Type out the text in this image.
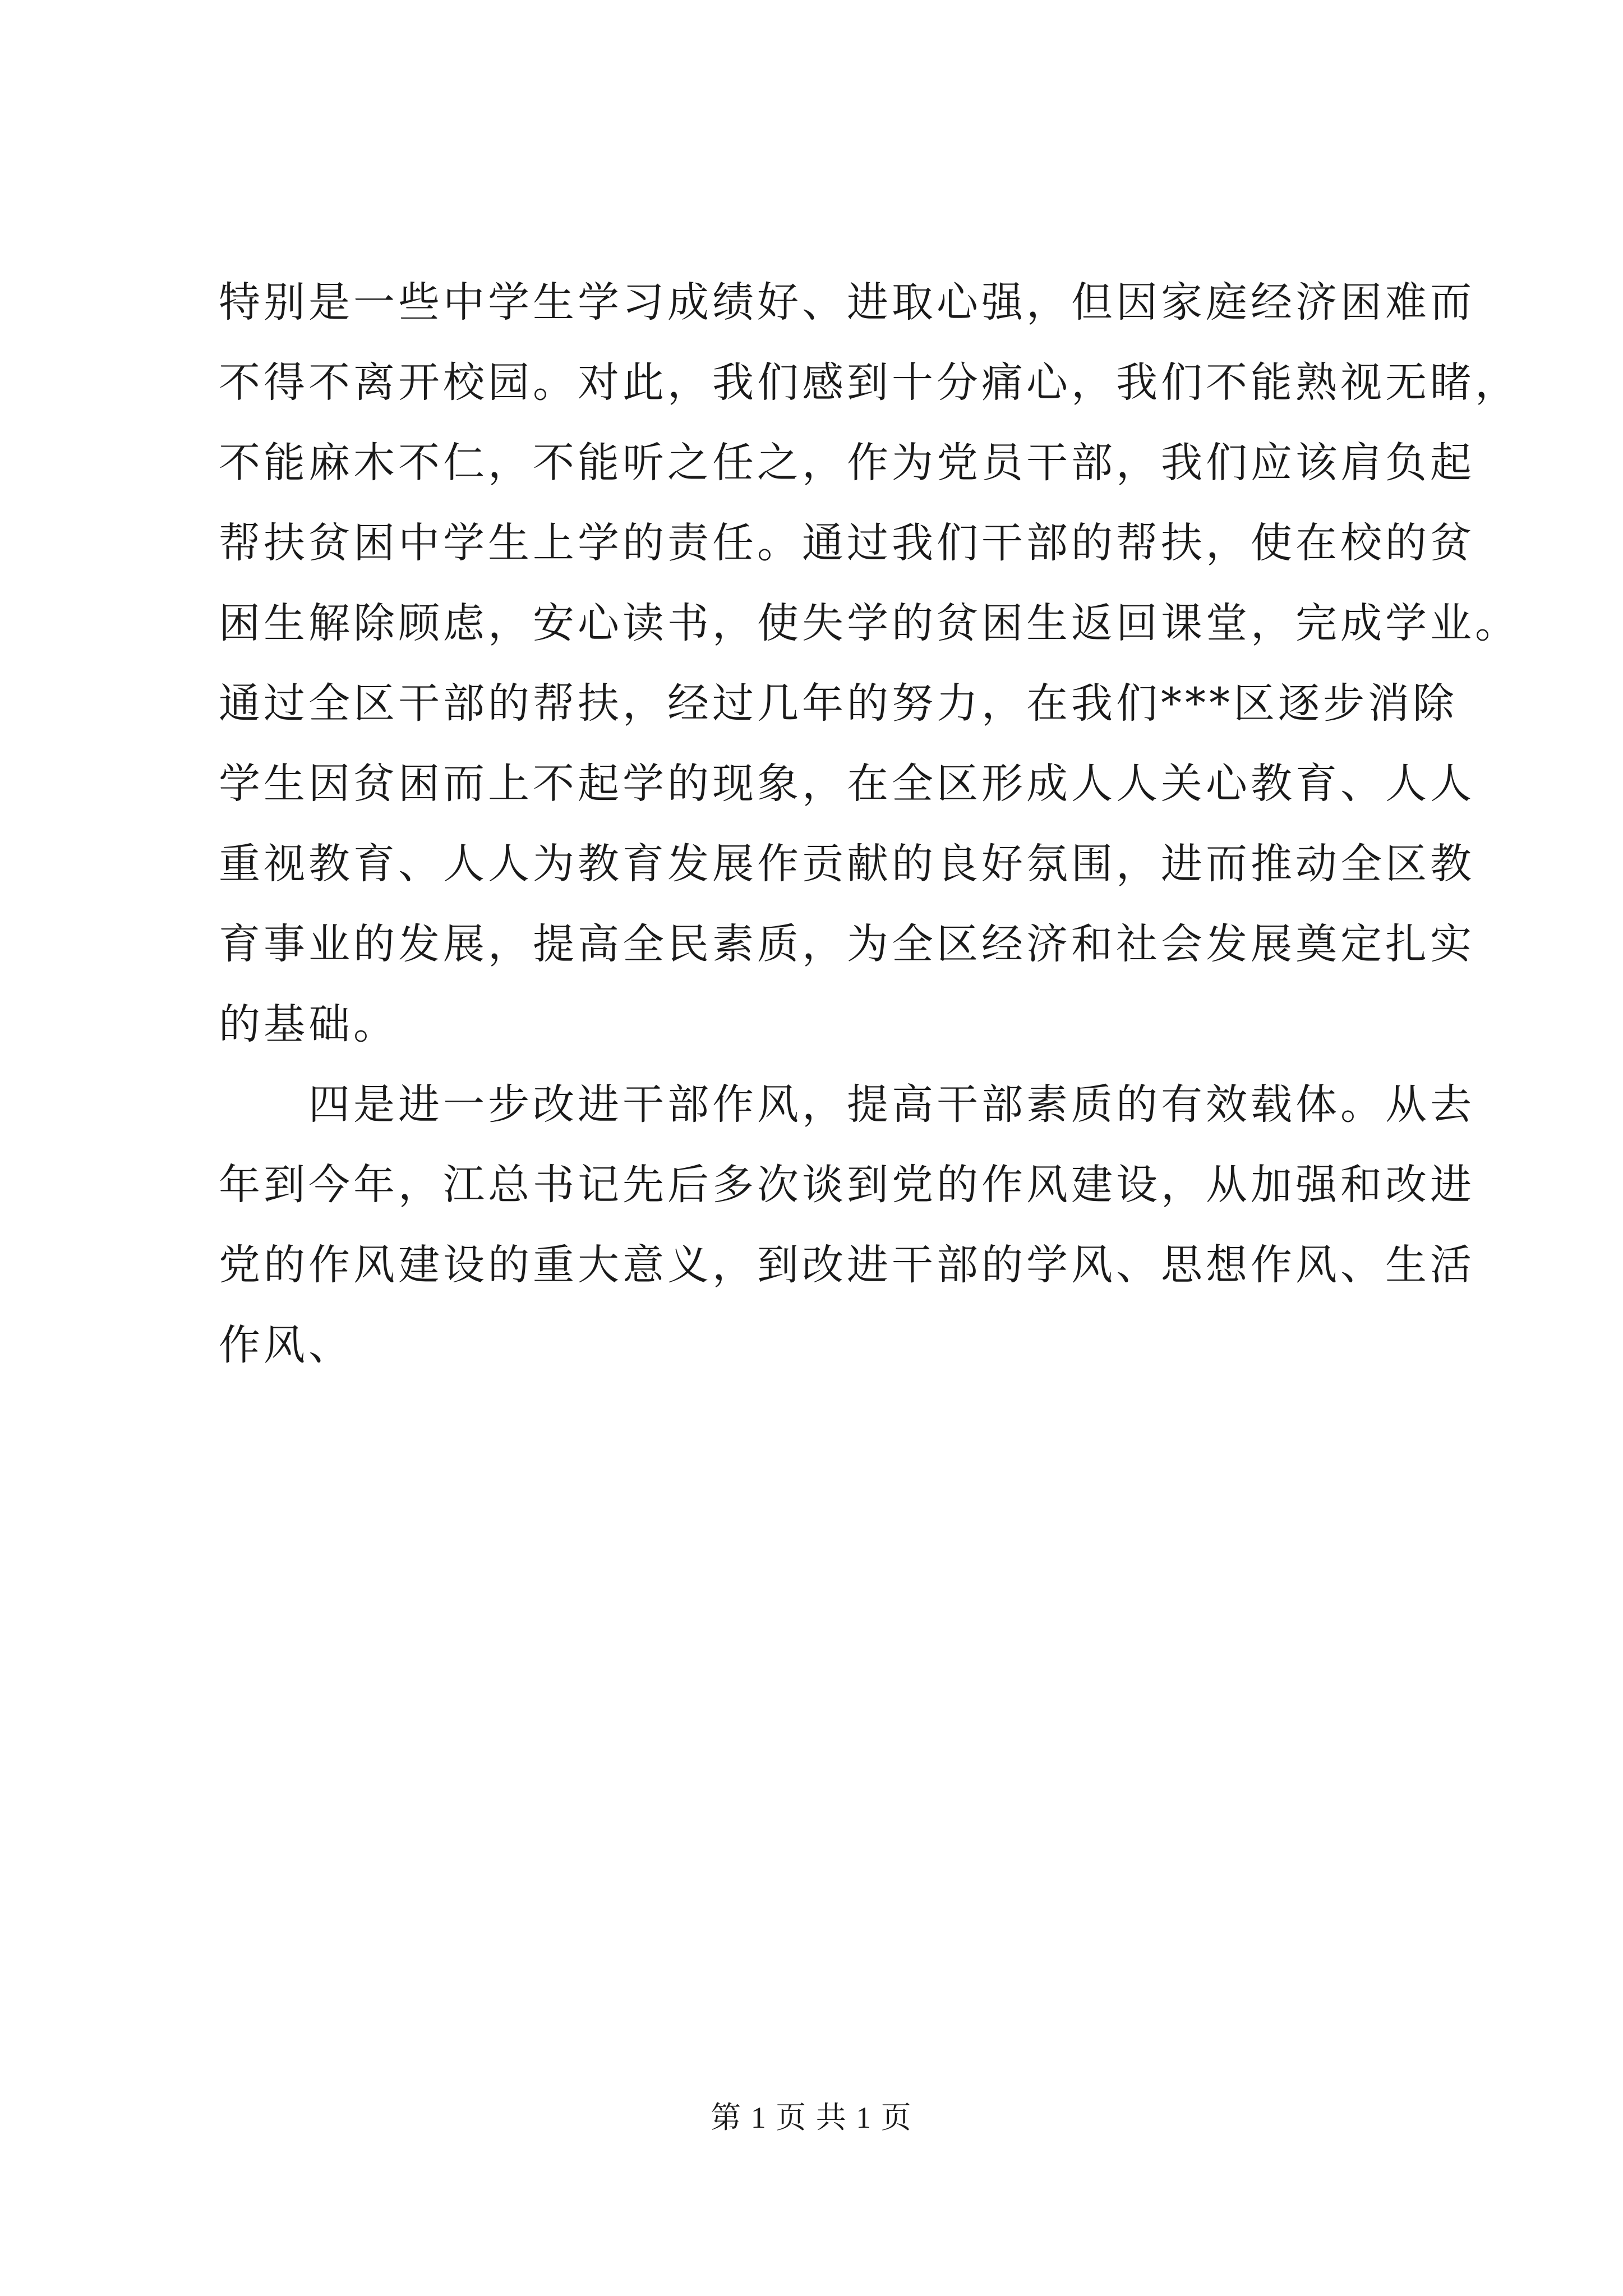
特别是一些中学生学习成绩好、进取心强，但因家庭经济困难而
不得不离开校园。对此，我们感到十分痛心，我们不能熟视无睹，
不能麻木不仁，不能听之任之，作为党员干部，我们应该肩负起
帮扶贫困中学生上学的责任。通过我们干部的帮扶，使在校的贫
困生解除顾虑，安心读书，使失学的贫困生返回课堂，完成学业。
通过全区干部的帮扶，经过几年的努力，在我们***区逐步消除
学生因贫困而上不起学的现象，在全区形成人人关心教育、人人
重视教育、人人为教育发展作贡献的良好氛围，进而推动全区教
育事业的发展，提高全民素质，为全区经济和社会发展奠定扎实
的基础。
四是进一步改进干部作风，提高干部素质的有效载体。从去
年到今年，江总书记先后多次谈到党的作风建设，从加强和改进
党的作风建设的重大意义，到改进干部的学风、思想作风、生活
作风、
第 1 页 共 1 页
